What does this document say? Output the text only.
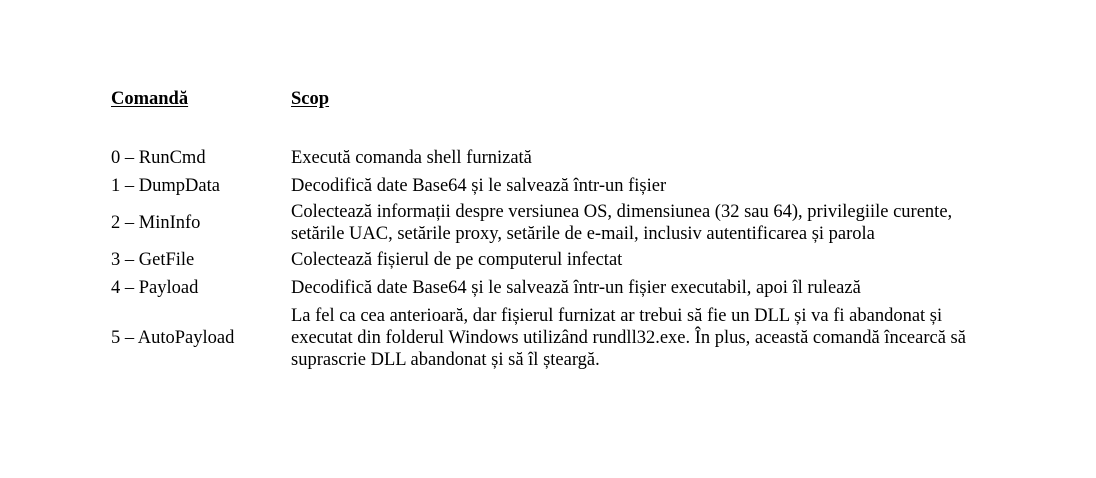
Comandă	Scop

0 – RunCmd	Execută comanda shell furnizată
1 – DumpData	Decodifică date Base64 și le salvează într-un fișier
2 – MinInfo	Colectează informații despre versiunea OS, dimensiunea (32 sau 64), privilegiile curente, setările UAC, setările proxy, setările de e-mail, inclusiv autentificarea și parola
3 – GetFile	Colectează fișierul de pe computerul infectat
4 – Payload	Decodifică date Base64 și le salvează într-un fișier executabil, apoi îl rulează
5 – AutoPayload	La fel ca cea anterioară, dar fișierul furnizat ar trebui să fie un DLL și va fi abandonat și executat din folderul Windows utilizând rundll32.exe. În plus, această comandă încearcă să suprascrie DLL abandonat și să îl șteargă.
